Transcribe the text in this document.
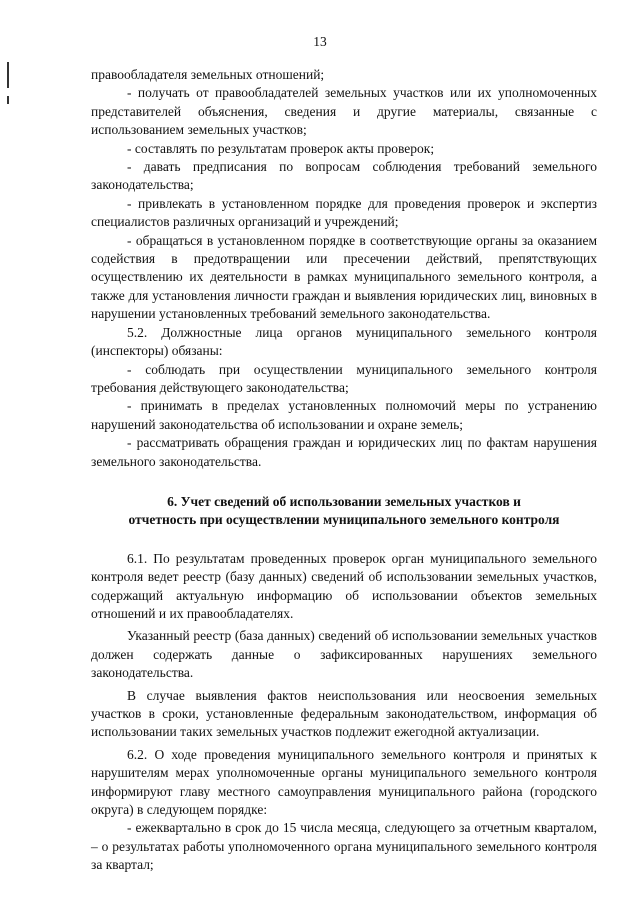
13

правообладателя земельных отношений;

- получать от правообладателей земельных участков или их уполномоченных представителей объяснения, сведения и другие материалы, связанные с использованием земельных участков;

- составлять по результатам проверок акты проверок;

- давать предписания по вопросам соблюдения требований земельного законодательства;

- привлекать в установленном порядке для проведения проверок и экспертиз специалистов различных организаций и учреждений;

- обращаться в установленном порядке в соответствующие органы за оказанием содействия в предотвращении или пресечении действий, препятствующих осуществлению их деятельности в рамках муниципального земельного контроля, а также для установления личности граждан и выявления юридических лиц, виновных в нарушении установленных требований земельного законодательства.

5.2. Должностные лица органов муниципального земельного контроля (инспекторы) обязаны:

- соблюдать при осуществлении муниципального земельного контроля требования действующего законодательства;

- принимать в пределах установленных полномочий меры по устранению нарушений законодательства об использовании и охране земель;

- рассматривать обращения граждан и юридических лиц по фактам нарушения земельного законодательства.

6. Учет сведений об использовании земельных участков и
отчетность при осуществлении муниципального земельного контроля

6.1. По результатам проведенных проверок орган муниципального земельного контроля ведет реестр (базу данных) сведений об использовании земельных участков, содержащий актуальную информацию об использовании объектов земельных отношений и их правообладателях.

Указанный реестр (база данных) сведений об использовании земельных участков должен содержать данные о зафиксированных нарушениях земельного законодательства.

В случае выявления фактов неиспользования или неосвоения земельных участков в сроки, установленные федеральным законодательством, информация об использовании таких земельных участков подлежит ежегодной актуализации.

6.2. О ходе проведения муниципального земельного контроля и принятых к нарушителям мерах уполномоченные органы муниципального земельного контроля информируют главу местного самоуправления муниципального района (городского округа) в следующем порядке:

- ежеквартально в срок до 15 числа месяца, следующего за отчетным кварталом, – о результатах работы уполномоченного органа муниципального земельного контроля за квартал;
